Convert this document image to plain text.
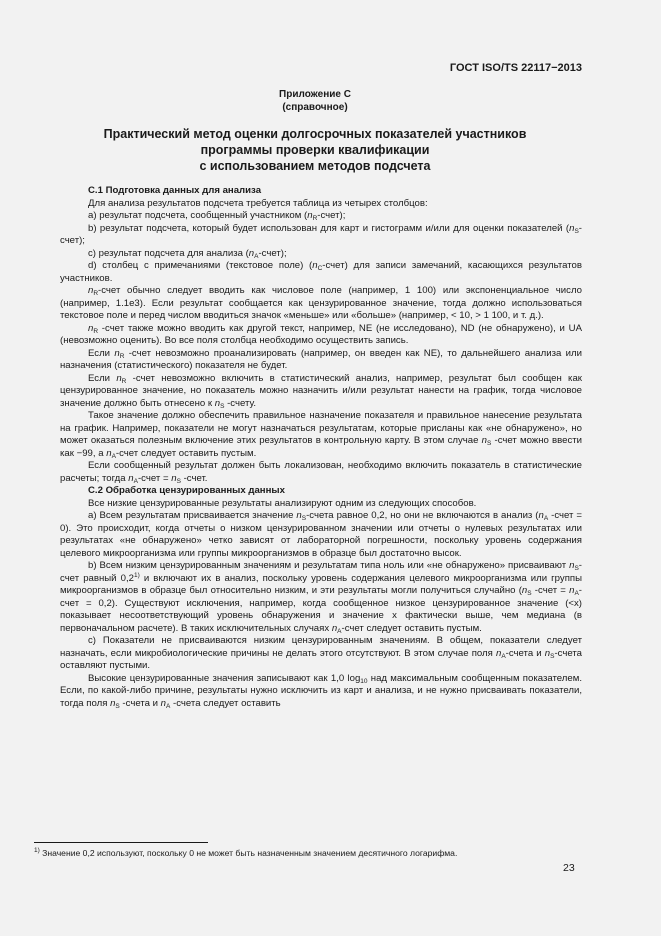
ГОСТ ISO/TS 22117−2013
Приложение С
(справочное)
Практический метод оценки долгосрочных показателей участников
программы проверки квалификации
с использованием методов подсчета

С.1 Подготовка данных для анализа

Для анализа результатов подсчета требуется таблица из четырех столбцов:

а) результат подсчета, сообщенный участником $(n_R-счет)$;

b) результат подсчета, который будет использован для карт и гистограмм и/или для оценки показателей $(n_S-счет)$;

с) результат подсчета для анализа $(n_A-счет)$;

d) столбец с примечаниями (текстовое поле) $(n_C-счет)$ для записи замечаний, касающихся результатов участников.

$n_R$-счет обычно следует вводить как числовое поле (например, 1 100) или экспоненциальное число (например, 1.1e3). Если результат сообщается как цензурированное значение, тогда должно использоваться текстовое поле и перед числом вводиться значок «меньше» или «больше» (например, < 10, > 1 100, и т. д.).

$n_R$ -счет также можно вводить как другой текст, например, NE (не исследовано), ND (не обнаружено), и UA (невозможно оценить). Во все поля столбца необходимо осуществить запись.

Если $n_R$ -счет невозможно проанализировать (например, он введен как NE), то дальнейшего анализа или назначения (статистического) показателя не будет.

Если $n_R$ -счет невозможно включить в статистический анализ, например, результат был сообщен как цензурированное значение, но показатель можно назначить и/или результат нанести на график, тогда числовое значение должно быть отнесено к $n_S$ -счету.

Такое значение должно обеспечить правильное назначение показателя и правильное нанесение результата на график. Например, показатели не могут назначаться результатам, которые присланы как «не обнаружено», но может оказаться полезным включение этих результатов в контрольную карту. В этом случае $n_S$ -счет можно ввести как −99, а $n_A$-счет следует оставить пустым.

Если сообщенный результат должен быть локализован, необходимо включить показатель в статистические расчеты; тогда $n_A$-счет = $n_S$ -счет.

С.2 Обработка цензурированных данных

Все низкие цензурированные результаты анализируют одним из следующих способов.

а) Всем результатам присваивается значение $n_S$-счета равное 0,2, но они не включаются в анализ ($n_A$ -счет = 0). Это происходит, когда отчеты о низком цензурированном значении или отчеты о нулевых результатах или результатах «не обнаружено» четко зависят от лабораторной погрешности, поскольку уровень содержания целевого микроорганизма или группы микроорганизмов в образце был достаточно высок.

b) Всем низким цензурированным значениям и результатам типа ноль или «не обнаружено» присваивают $n_S$-счет равный 0,2$^{1)}$ и включают их в анализ, поскольку уровень содержания целевого микроорганизма или группы микроорганизмов в образце был относительно низким, и эти результаты могли получиться случайно ($n_S$ -счет = $n_A$-счет = 0,2). Существуют исключения, например, когда сообщенное низкое цензурированное значение (<x) показывает несоответствующий уровень обнаружения и значение x фактически выше, чем медиана (в первоначальном расчете). В таких исключительных случаях $n_A$-счет следует оставить пустым.

с) Показатели не присваиваются низким цензурированным значениям. В общем, показатели следует назначать, если микробиологические причины не делать этого отсутствуют. В этом случае поля $n_A$-счета и $n_S$-счета оставляют пустыми.

Высокие цензурированные значения записывают как 1,0 $\log_{10}$ над максимальным сообщенным показателем. Если, по какой-либо причине, результаты нужно исключить из карт и анализа, и не нужно присваивать показатели, тогда поля $n_S$ -счета и $n_A$ -счета следует оставить

$^{1)}$ Значение 0,2 используют, поскольку 0 не может быть назначенным значением десятичного логарифма.
23
